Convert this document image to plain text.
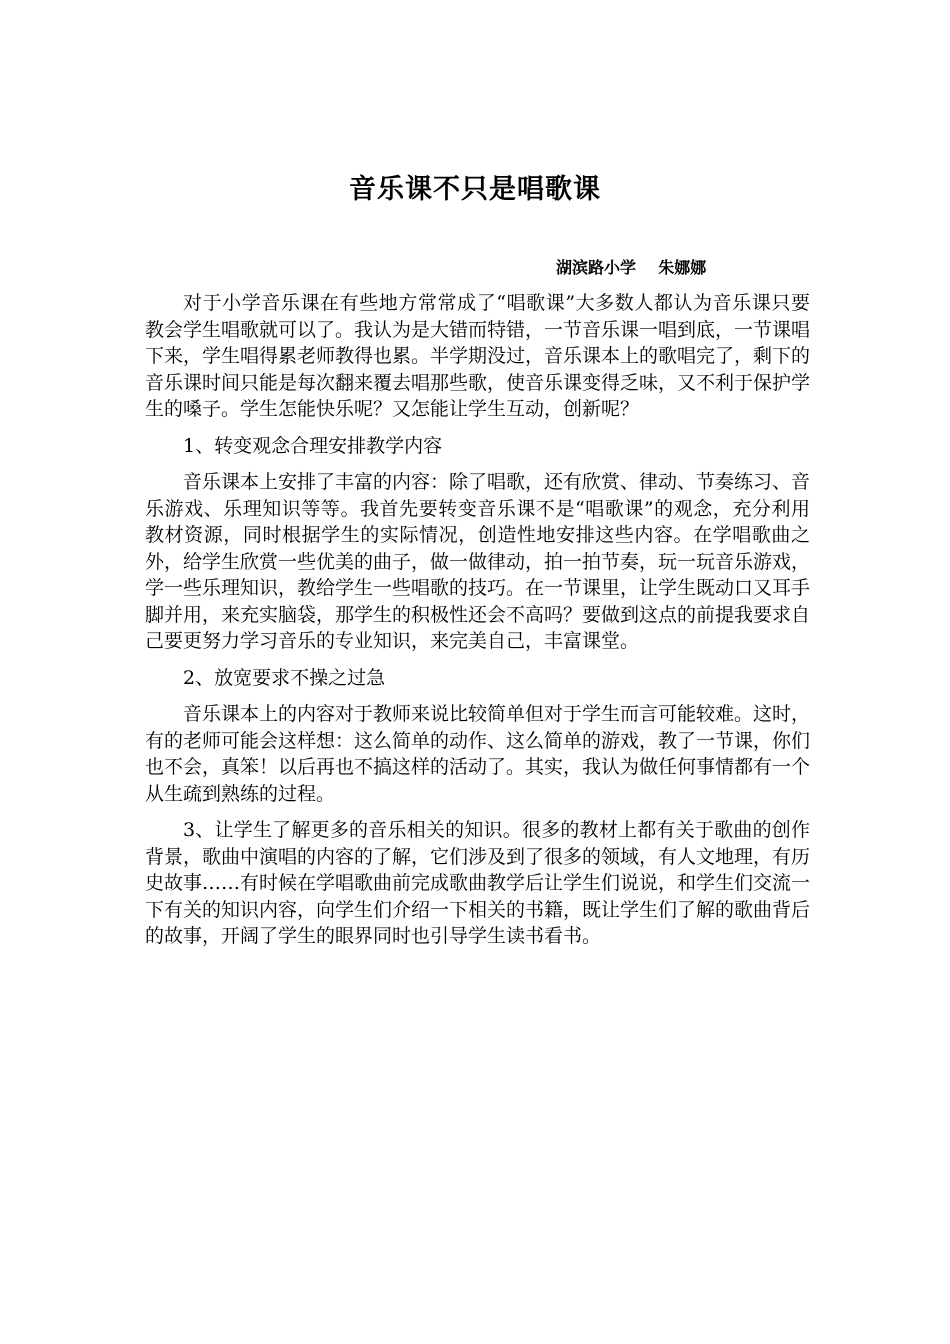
音乐课不只是唱歌课
湖滨路小学    朱娜娜

对于小学音乐课在有些地方常常成了“唱歌课”大多数人都认为音乐课只要教会学生唱歌就可以了。我认为是大错而特错，一节音乐课一唱到底，一节课唱下来，学生唱得累老师教得也累。半学期没过，音乐课本上的歌唱完了，剩下的音乐课时间只能是每次翻来覆去唱那些歌，使音乐课变得乏味，又不利于保护学生的嗓子。学生怎能快乐呢？又怎能让学生互动，创新呢？

1、转变观念合理安排教学内容

音乐课本上安排了丰富的内容：除了唱歌，还有欣赏、律动、节奏练习、音乐游戏、乐理知识等等。我首先要转变音乐课不是“唱歌课”的观念，充分利用教材资源，同时根据学生的实际情况，创造性地安排这些内容。在学唱歌曲之外，给学生欣赏一些优美的曲子，做一做律动，拍一拍节奏，玩一玩音乐游戏，学一些乐理知识，教给学生一些唱歌的技巧。在一节课里，让学生既动口又耳手脚并用，来充实脑袋，那学生的积极性还会不高吗？要做到这点的前提我要求自己要更努力学习音乐的专业知识，来完美自己，丰富课堂。

2、放宽要求不操之过急

音乐课本上的内容对于教师来说比较简单但对于学生而言可能较难。这时，有的老师可能会这样想：这么简单的动作、这么简单的游戏，教了一节课，你们也不会，真笨！以后再也不搞这样的活动了。其实，我认为做任何事情都有一个从生疏到熟练的过程。

3、让学生了解更多的音乐相关的知识。很多的教材上都有关于歌曲的创作背景，歌曲中演唱的内容的了解，它们涉及到了很多的领域，有人文地理，有历史故事……有时候在学唱歌曲前完成歌曲教学后让学生们说说，和学生们交流一下有关的知识内容，向学生们介绍一下相关的书籍，既让学生们了解的歌曲背后的故事，开阔了学生的眼界同时也引导学生读书看书。
